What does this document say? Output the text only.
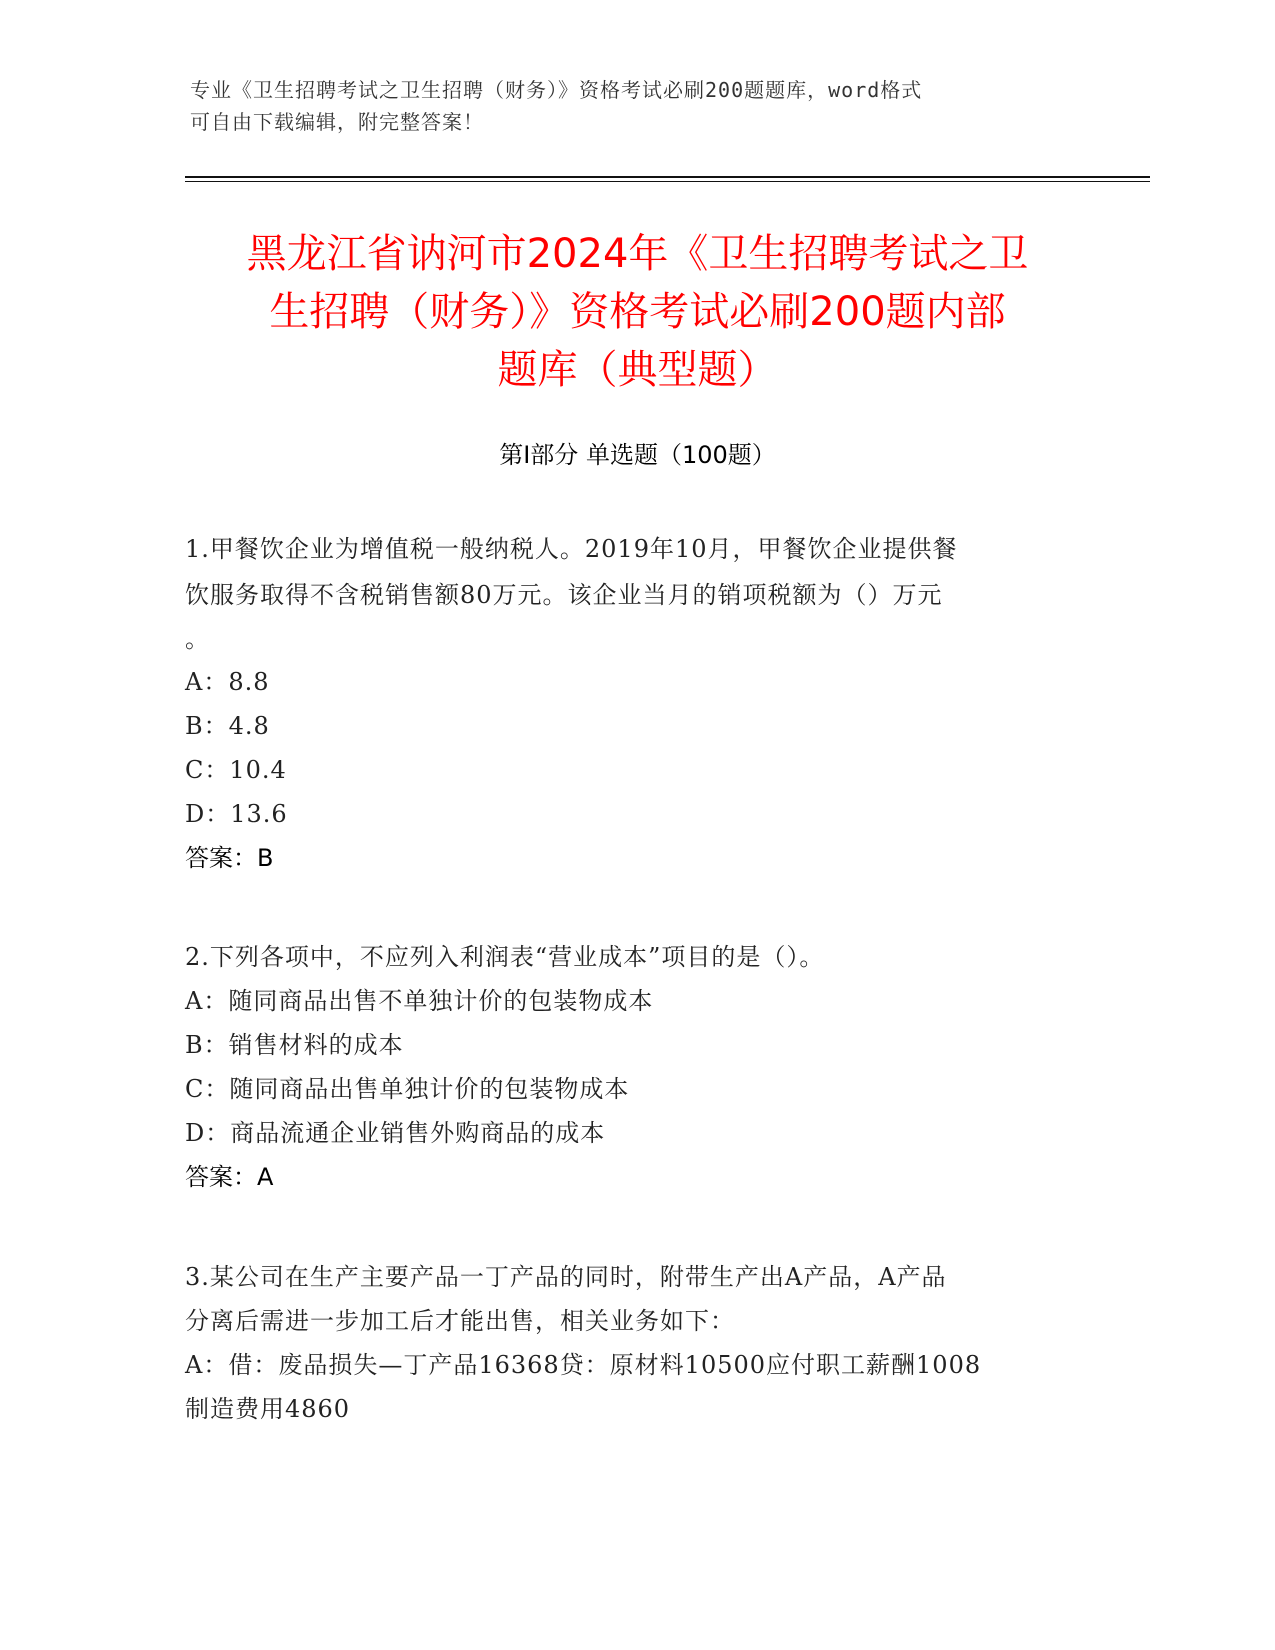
专业《卫生招聘考试之卫生招聘（财务）》资格考试必刷200题题库，word格式
可自由下载编辑，附完整答案！
黑龙江省讷河市2024年《卫生招聘考试之卫
生招聘（财务）》资格考试必刷200题内部
题库（典型题）
第I部分 单选题（100题）
1.甲餐饮企业为增值税一般纳税人。2019年10月，甲餐饮企业提供餐
饮服务取得不含税销售额80万元。该企业当月的销项税额为（）万元
。
A：8.8
B：4.8
C：10.4
D：13.6
答案：B
2.下列各项中，不应列入利润表“营业成本”项目的是（）。
A：随同商品出售不单独计价的包装物成本
B：销售材料的成本
C：随同商品出售单独计价的包装物成本
D：商品流通企业销售外购商品的成本
答案：A
3.某公司在生产主要产品一丁产品的同时，附带生产出A产品，A产品
分离后需进一步加工后才能出售，相关业务如下：
A：借：废品损失—丁产品16368贷：原材料10500应付职工薪酬1008
制造费用4860
